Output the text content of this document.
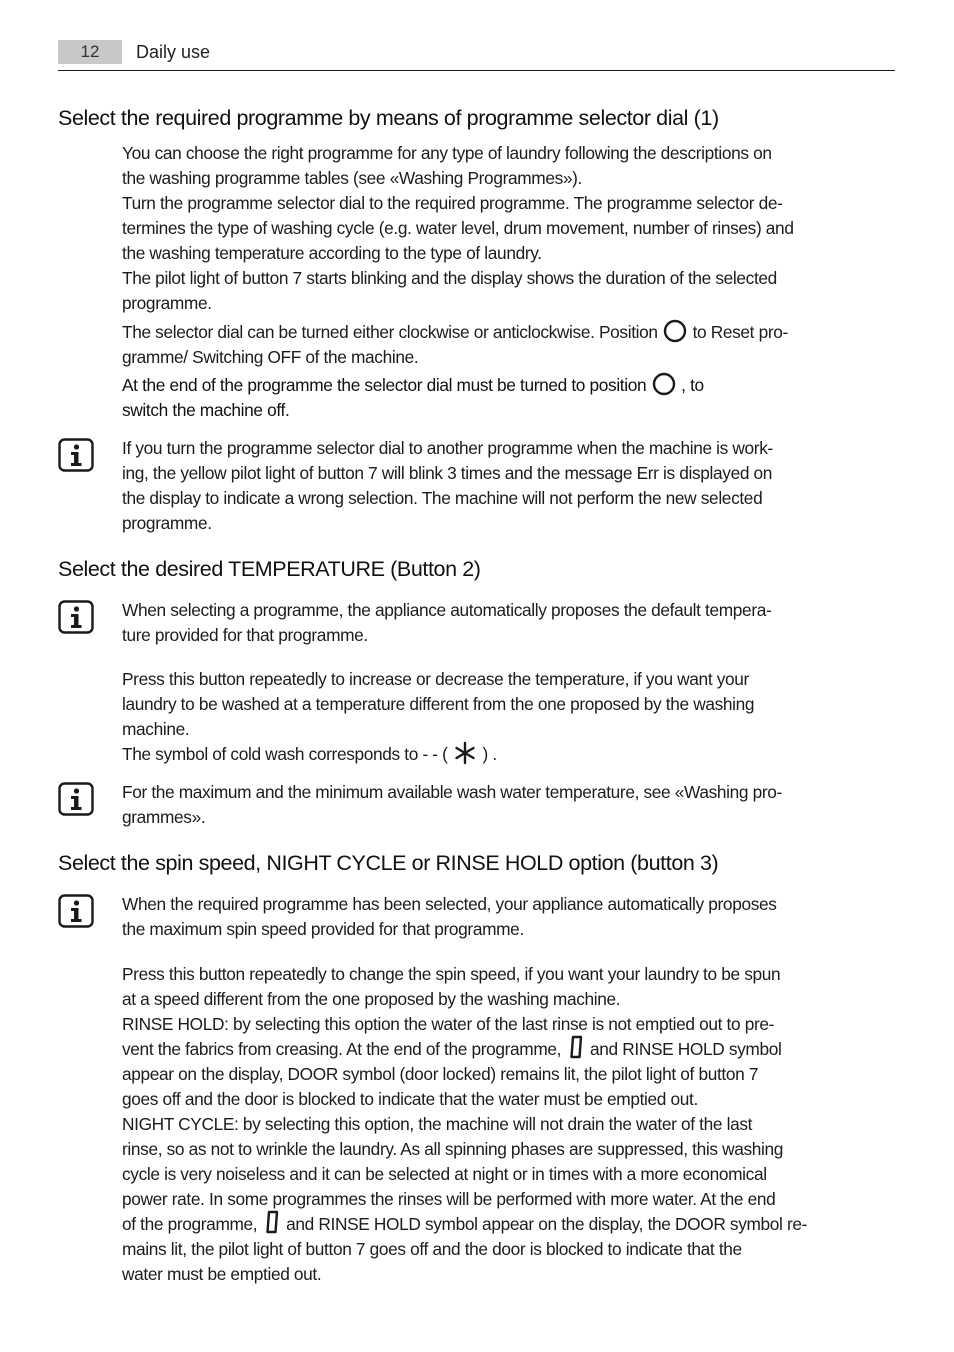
12	Daily use
Select the required programme by means of programme selector dial (1)
You can choose the right programme for any type of laundry following the descriptions on
the washing programme tables (see «Washing Programmes»).
Turn the programme selector dial to the required programme. The programme selector de-
termines the type of washing cycle (e.g. water level, drum movement, number of rinses) and
the washing temperature according to the type of laundry.
The pilot light of button 7 starts blinking and the display shows the duration of the selected
programme.
The selector dial can be turned either clockwise or anticlockwise. Position  to Reset pro-
gramme/ Switching OFF of the machine.
At the end of the programme the selector dial must be turned to position  , to
switch the machine off.
If you turn the programme selector dial to another programme when the machine is work-
ing, the yellow pilot light of button 7 will blink 3 times and the message Err is displayed on
the display to indicate a wrong selection. The machine will not perform the new selected
programme.
Select the desired TEMPERATURE (Button 2)
When selecting a programme, the appliance automatically proposes the default tempera-
ture provided for that programme.
Press this button repeatedly to increase or decrease the temperature, if you want your
laundry to be washed at a temperature different from the one proposed by the washing
machine.
The symbol of cold wash corresponds to - - (  ) .
For the maximum and the minimum available wash water temperature, see «Washing pro-
grammes».
Select the spin speed, NIGHT CYCLE or RINSE HOLD option (button 3)
When the required programme has been selected, your appliance automatically proposes
the maximum spin speed provided for that programme.
Press this button repeatedly to change the spin speed, if you want your laundry to be spun
at a speed different from the one proposed by the washing machine.
RINSE HOLD: by selecting this option the water of the last rinse is not emptied out to pre-
vent the fabrics from creasing. At the end of the programme,  and RINSE HOLD symbol
appear on the display, DOOR symbol (door locked) remains lit, the pilot light of button 7
goes off and the door is blocked to indicate that the water must be emptied out.
NIGHT CYCLE: by selecting this option, the machine will not drain the water of the last
rinse, so as not to wrinkle the laundry. As all spinning phases are suppressed, this washing
cycle is very noiseless and it can be selected at night or in times with a more economical
power rate. In some programmes the rinses will be performed with more water. At the end
of the programme,  and RINSE HOLD symbol appear on the display, the DOOR symbol re-
mains lit, the pilot light of button 7 goes off and the door is blocked to indicate that the
water must be emptied out.
